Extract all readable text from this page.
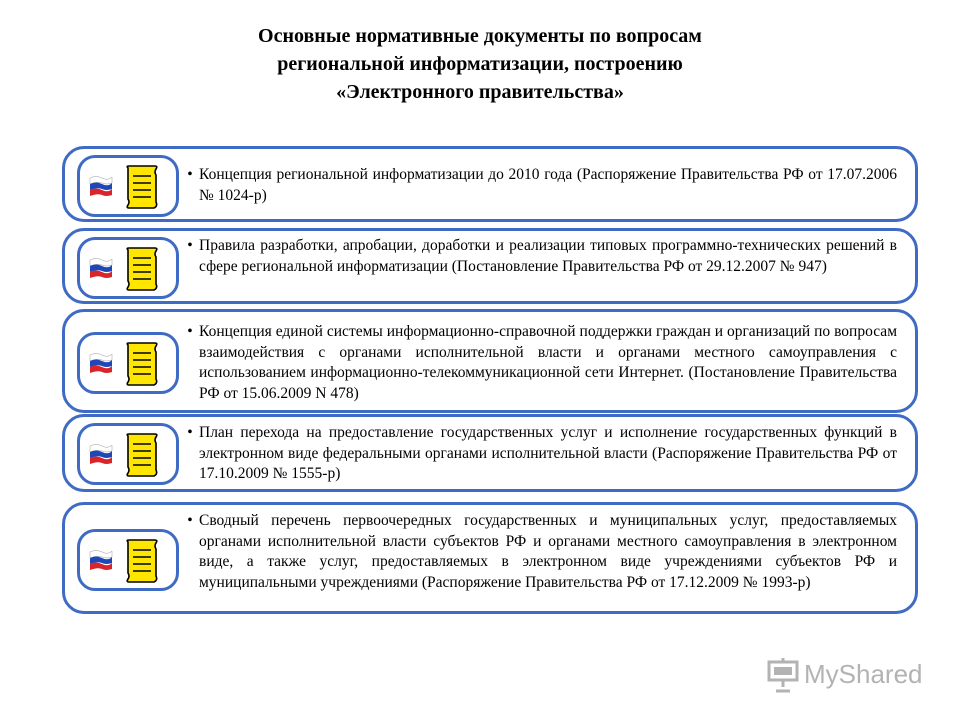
Основные нормативные документы по вопросам
региональной информатизации, построению
«Электронного правительства»
• Концепция региональной информатизации до 2010 года (Распоряжение Правительства РФ от 17.07.2006 № 1024-р)
• Правила разработки, апробации, доработки и реализации типовых программно-технических решений в сфере региональной информатизации (Постановление Правительства РФ от 29.12.2007 № 947)
• Концепция единой системы информационно-справочной поддержки граждан и организаций по вопросам взаимодействия с органами исполнительной власти и органами местного самоуправления с использованием информационно-телекоммуникационной сети Интернет. (Постановление Правительства РФ от 15.06.2009 N 478)
• План перехода на предоставление государственных услуг и исполнение государственных функций в электронном виде федеральными органами исполнительной власти (Распоряжение Правительства РФ от 17.10.2009 № 1555-р)
• Сводный перечень первоочередных государственных и муниципальных услуг, предоставляемых органами исполнительной власти субъектов РФ и органами местного самоуправления в электронном виде, а также услуг, предоставляемых в электронном виде учреждениями субъектов РФ и муниципальными учреждениями (Распоряжение Правительства РФ от 17.12.2009 № 1993-р)
MyShared
